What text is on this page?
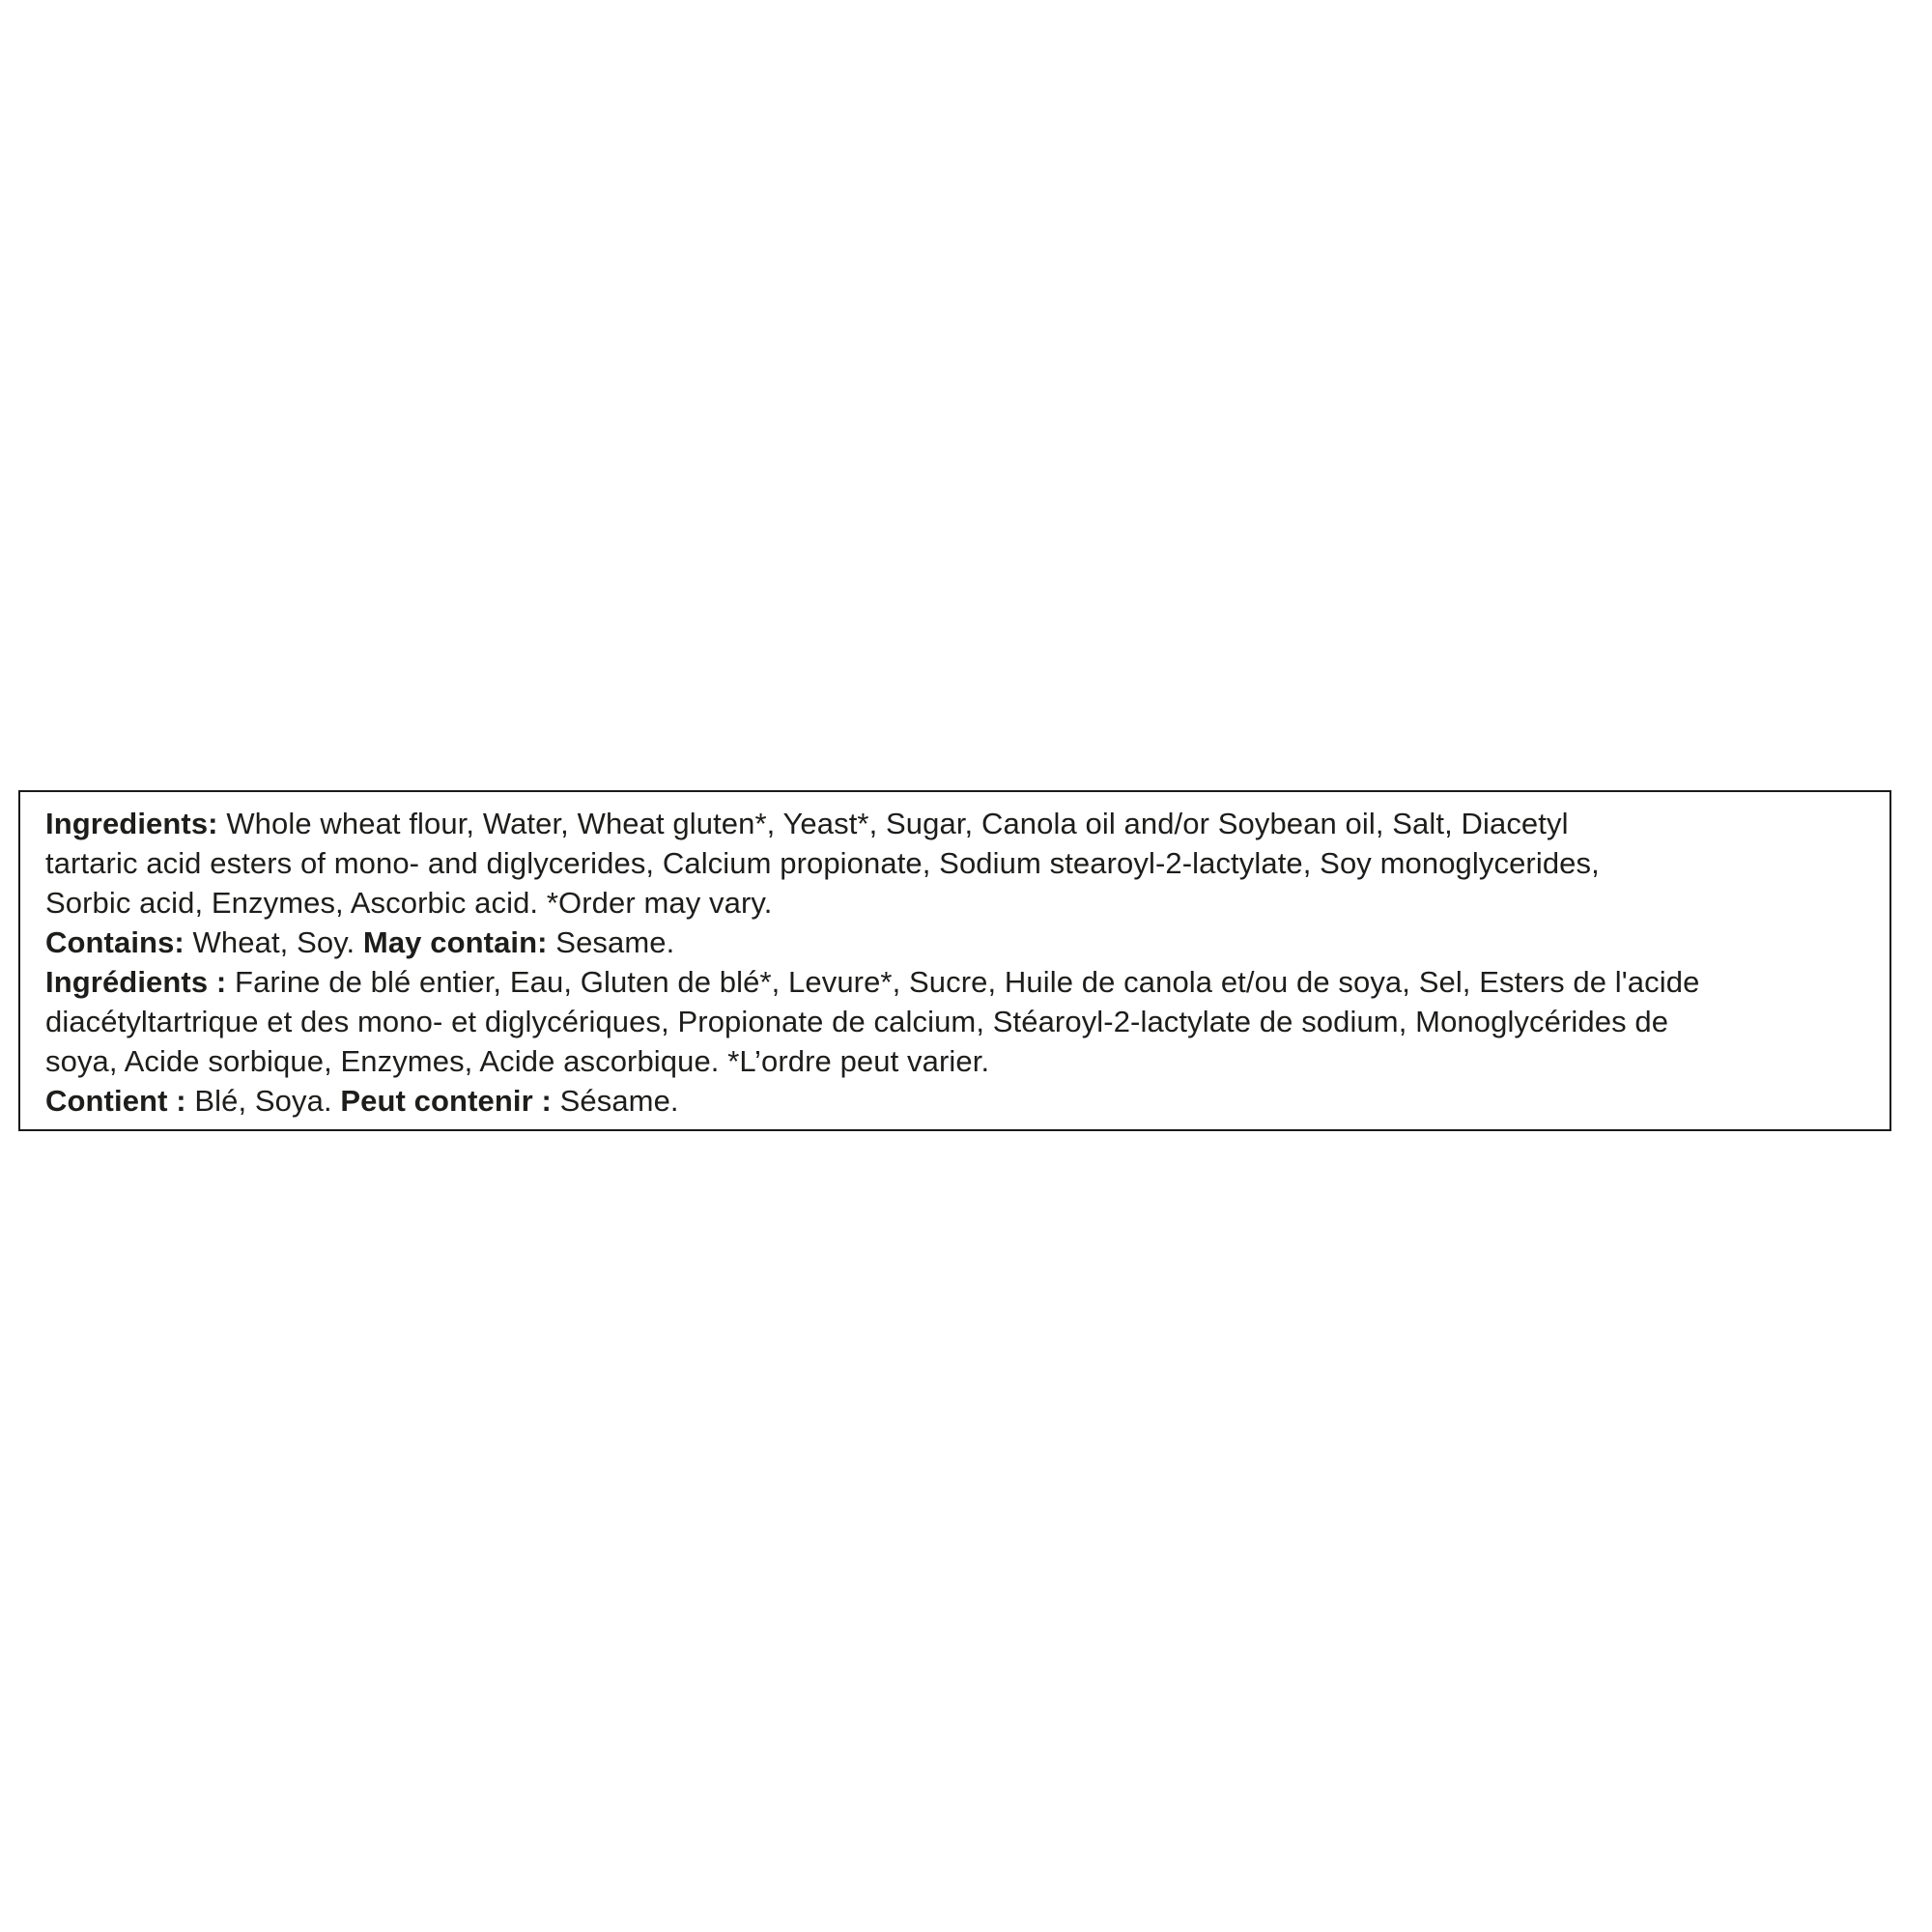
Ingredients: Whole wheat flour, Water, Wheat gluten*, Yeast*, Sugar, Canola oil and/or Soybean oil, Salt, Diacetyl
tartaric acid esters of mono- and diglycerides, Calcium propionate, Sodium stearoyl-2-lactylate, Soy monoglycerides,
Sorbic acid, Enzymes, Ascorbic acid. *Order may vary.
Contains: Wheat, Soy. May contain: Sesame.
Ingrédients : Farine de blé entier, Eau, Gluten de blé*, Levure*, Sucre, Huile de canola et/ou de soya, Sel, Esters de l'acide
diacétyltartrique et des mono- et diglycériques, Propionate de calcium, Stéaroyl-2-lactylate de sodium, Monoglycérides de
soya, Acide sorbique, Enzymes, Acide ascorbique. *L’ordre peut varier.
Contient : Blé, Soya. Peut contenir : Sésame.
